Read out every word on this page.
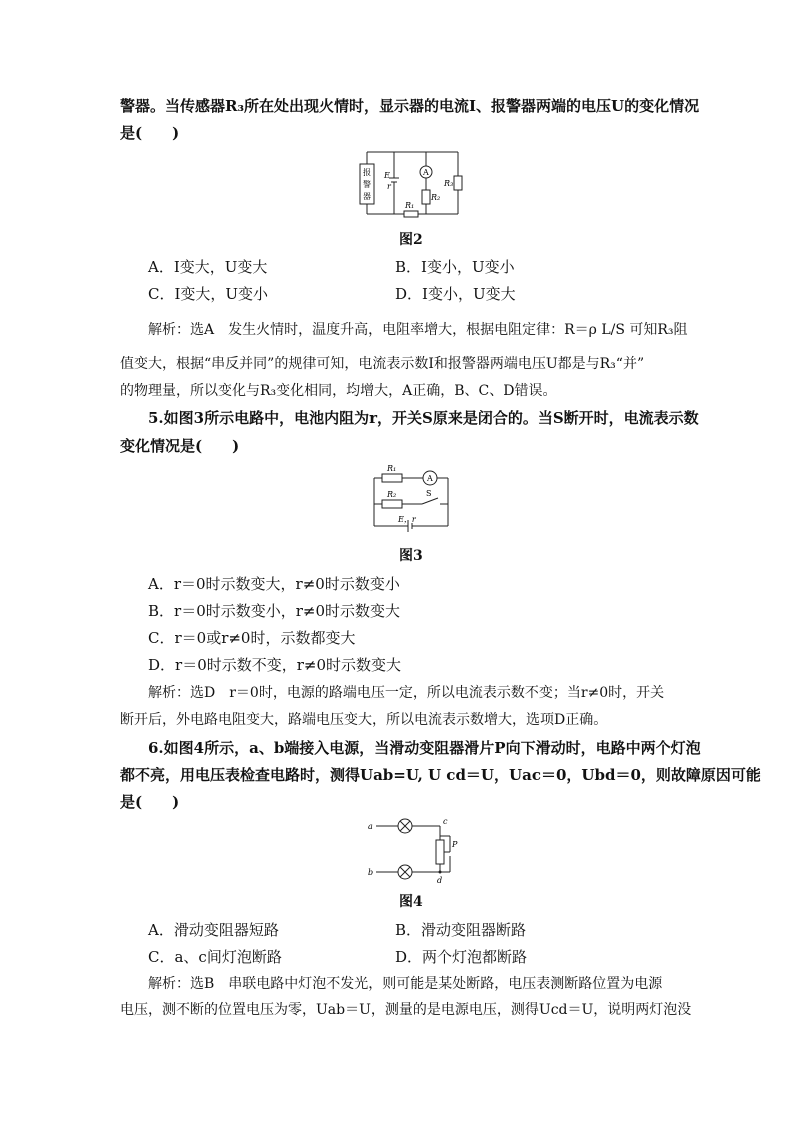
警器。当传感器R₃所在处出现火情时，显示器的电流I、报警器两端的电压U的变化情况
是(　　)
报
警
器
E
r
A
R₃
R₂
R₁
图2
A．I变大，U变大	B．I变小，U变小
C．I变大，U变小	D．I变小，U变大
解析：选A　发生火情时，温度升高，电阻率增大，根据电阻定律：R＝ρ L/S 可知R₃阻
值变大，根据“串反并同”的规律可知，电流表示数I和报警器两端电压U都是与R₃“并”
的物理量，所以变化与R₃变化相同，均增大，A正确，B、C、D错误。
5.如图3所示电路中，电池内阻为r，开关S原来是闭合的。当S断开时，电流表示数
变化情况是(　　)
R₁
R₂
A
S
E，r
图3
A．r＝0时示数变大，r≠0时示数变小
B．r＝0时示数变小，r≠0时示数变大
C．r＝0或r≠0时，示数都变大
D．r＝0时示数不变，r≠0时示数变大
解析：选D　r＝0时，电源的路端电压一定，所以电流表示数不变；当r≠0时，开关
断开后，外电路电阻变大，路端电压变大，所以电流表示数增大，选项D正确。
6.如图4所示，a、b端接入电源，当滑动变阻器滑片P向下滑动时，电路中两个灯泡
都不亮，用电压表检查电路时，测得Uab=U, U cd＝U，Uac＝0，Ubd＝0，则故障原因可能
是(　　)
a
b
c
d
P
图4
A．滑动变阻器短路	B．滑动变阻器断路
C．a、c间灯泡断路	D．两个灯泡都断路
解析：选B　串联电路中灯泡不发光，则可能是某处断路，电压表测断路位置为电源
电压，测不断的位置电压为零，Uab＝U，测量的是电源电压，测得Ucd＝U，说明两灯泡没
